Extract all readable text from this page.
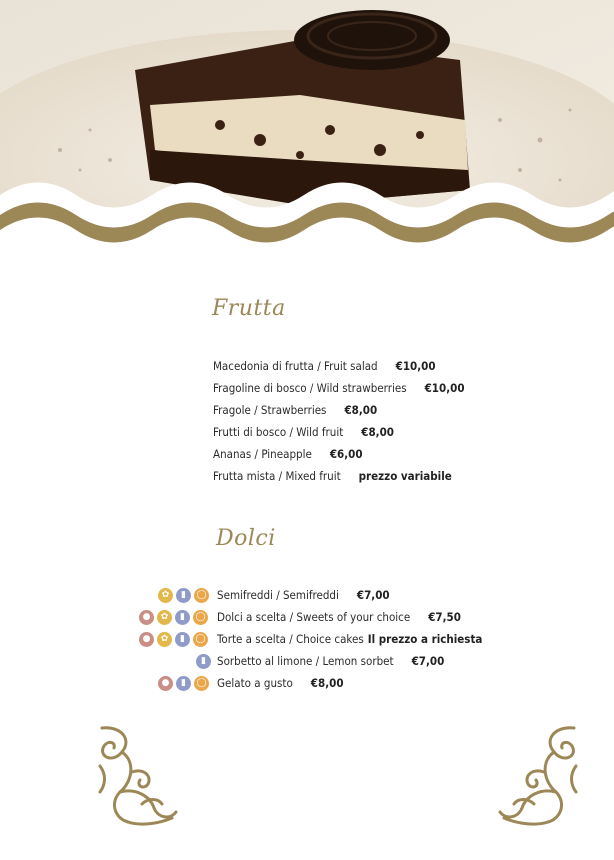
Frutta
Macedonia di frutta / Fruit salad €10,00
Fragoline di bosco / Wild strawberries €10,00
Fragole / Strawberries €8,00
Frutti di bosco / Wild fruit €8,00
Ananas / Pineapple €6,00
Frutta mista / Mixed fruit prezzo variabile
Dolci
✿	▮	◯ Semifreddi / Semifreddi €7,00
●	✿	▮	◯ Dolci a scelta / Sweets of your choice €7,50
●	✿	▮	◯ Torte a scelta / Choice cakes Il prezzo a richiesta
▮ Sorbetto al limone / Lemon sorbet €7,00
●	▮	◯ Gelato a gusto €8,00
